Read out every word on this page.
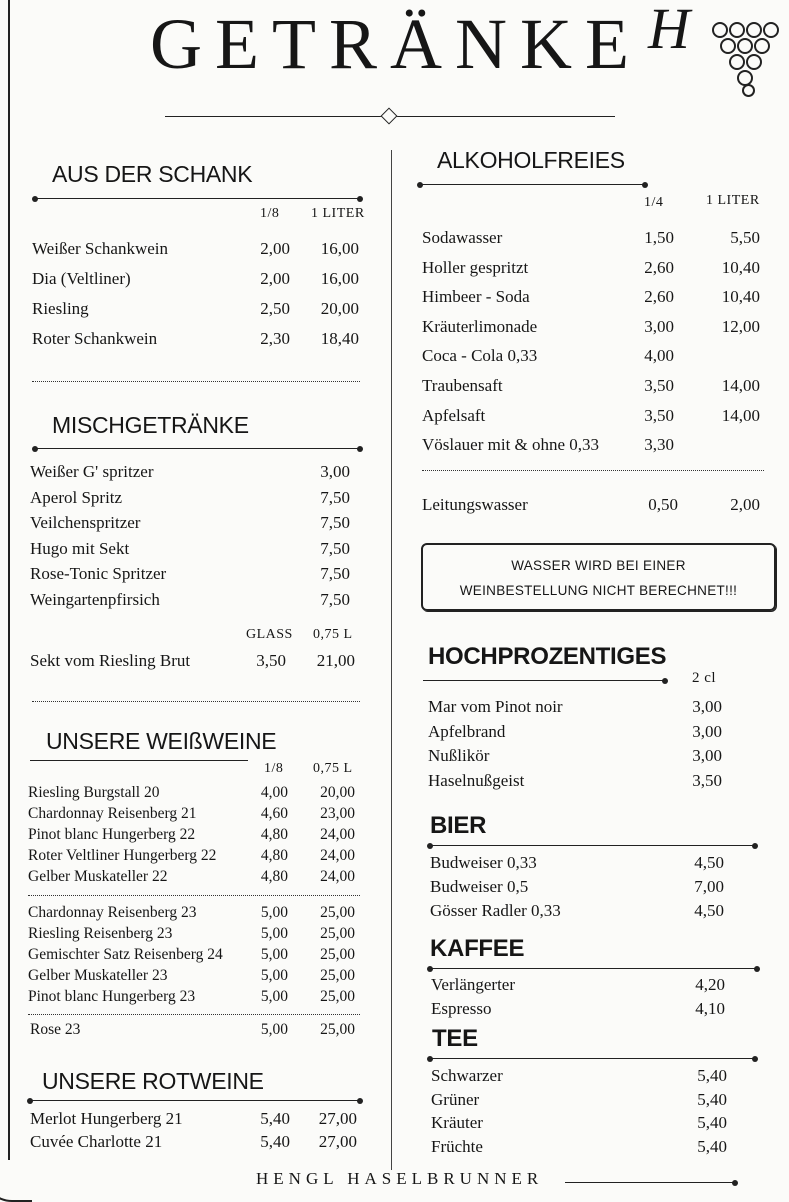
GETRÄNKE H
AUS DER SCHANK
1/8 1 LITER
Weißer Schankwein	2,00 16,00
Dia (Veltliner)	2,00 16,00
Riesling	2,50 20,00
Roter Schankwein	2,30 18,40
MISCHGETRÄNKE
Weißer G' spritzer	3,00
Aperol Spritz	7,50
Veilchenspritzer	7,50
Hugo mit Sekt	7,50
Rose-Tonic Spritzer	7,50
Weingartenpfirsich	7,50
GLASS 0,75 L
Sekt vom Riesling Brut	3,50 21,00
UNSERE WEIßWEINE
1/8 0,75 L
Riesling Burgstall 20	4,00 20,00
Chardonnay Reisenberg 21	4,60 23,00
Pinot blanc Hungerberg 22	4,80 24,00
Roter Veltliner Hungerberg 22	4,80 24,00
Gelber Muskateller 22	4,80 24,00
Chardonnay Reisenberg 23	5,00 25,00
Riesling Reisenberg 23	5,00 25,00
Gemischter Satz Reisenberg 24 5,00 25,00
Gelber Muskateller 23	5,00 25,00
Pinot blanc Hungerberg 23	5,00 25,00
Rose 23	5,00 25,00
UNSERE ROTWEINE
Merlot Hungerberg 21	5,40 27,00
Cuvée Charlotte 21	5,40 27,00
ALKOHOLFREIES
1/4	1 LITER
Sodawasser	1,50	5,50
Holler gespritzt	2,60	10,40
Himbeer - Soda	2,60	10,40
Kräuterlimonade	3,00	12,00
Coca - Cola 0,33	4,00
Traubensaft	3,50	14,00
Apfelsaft	3,50	14,00
Vöslauer mit & ohne 0,33	3,30
Leitungswasser	0,50	2,00
WASSER WIRD BEI EINER
WEINBESTELLUNG NICHT BERECHNET!!!
HOCHPROZENTIGES
2 cl
Mar vom Pinot noir	3,00
Apfelbrand	3,00
Nußlikör	3,00
Haselnußgeist	3,50
BIER
Budweiser 0,33	4,50
Budweiser 0,5	7,00
Gösser Radler 0,33	4,50
KAFFEE
Verlängerter	4,20
Espresso	4,10
TEE
Schwarzer	5,40
Grüner	5,40
Kräuter	5,40
Früchte	5,40
HENGL HASELBRUNNER
